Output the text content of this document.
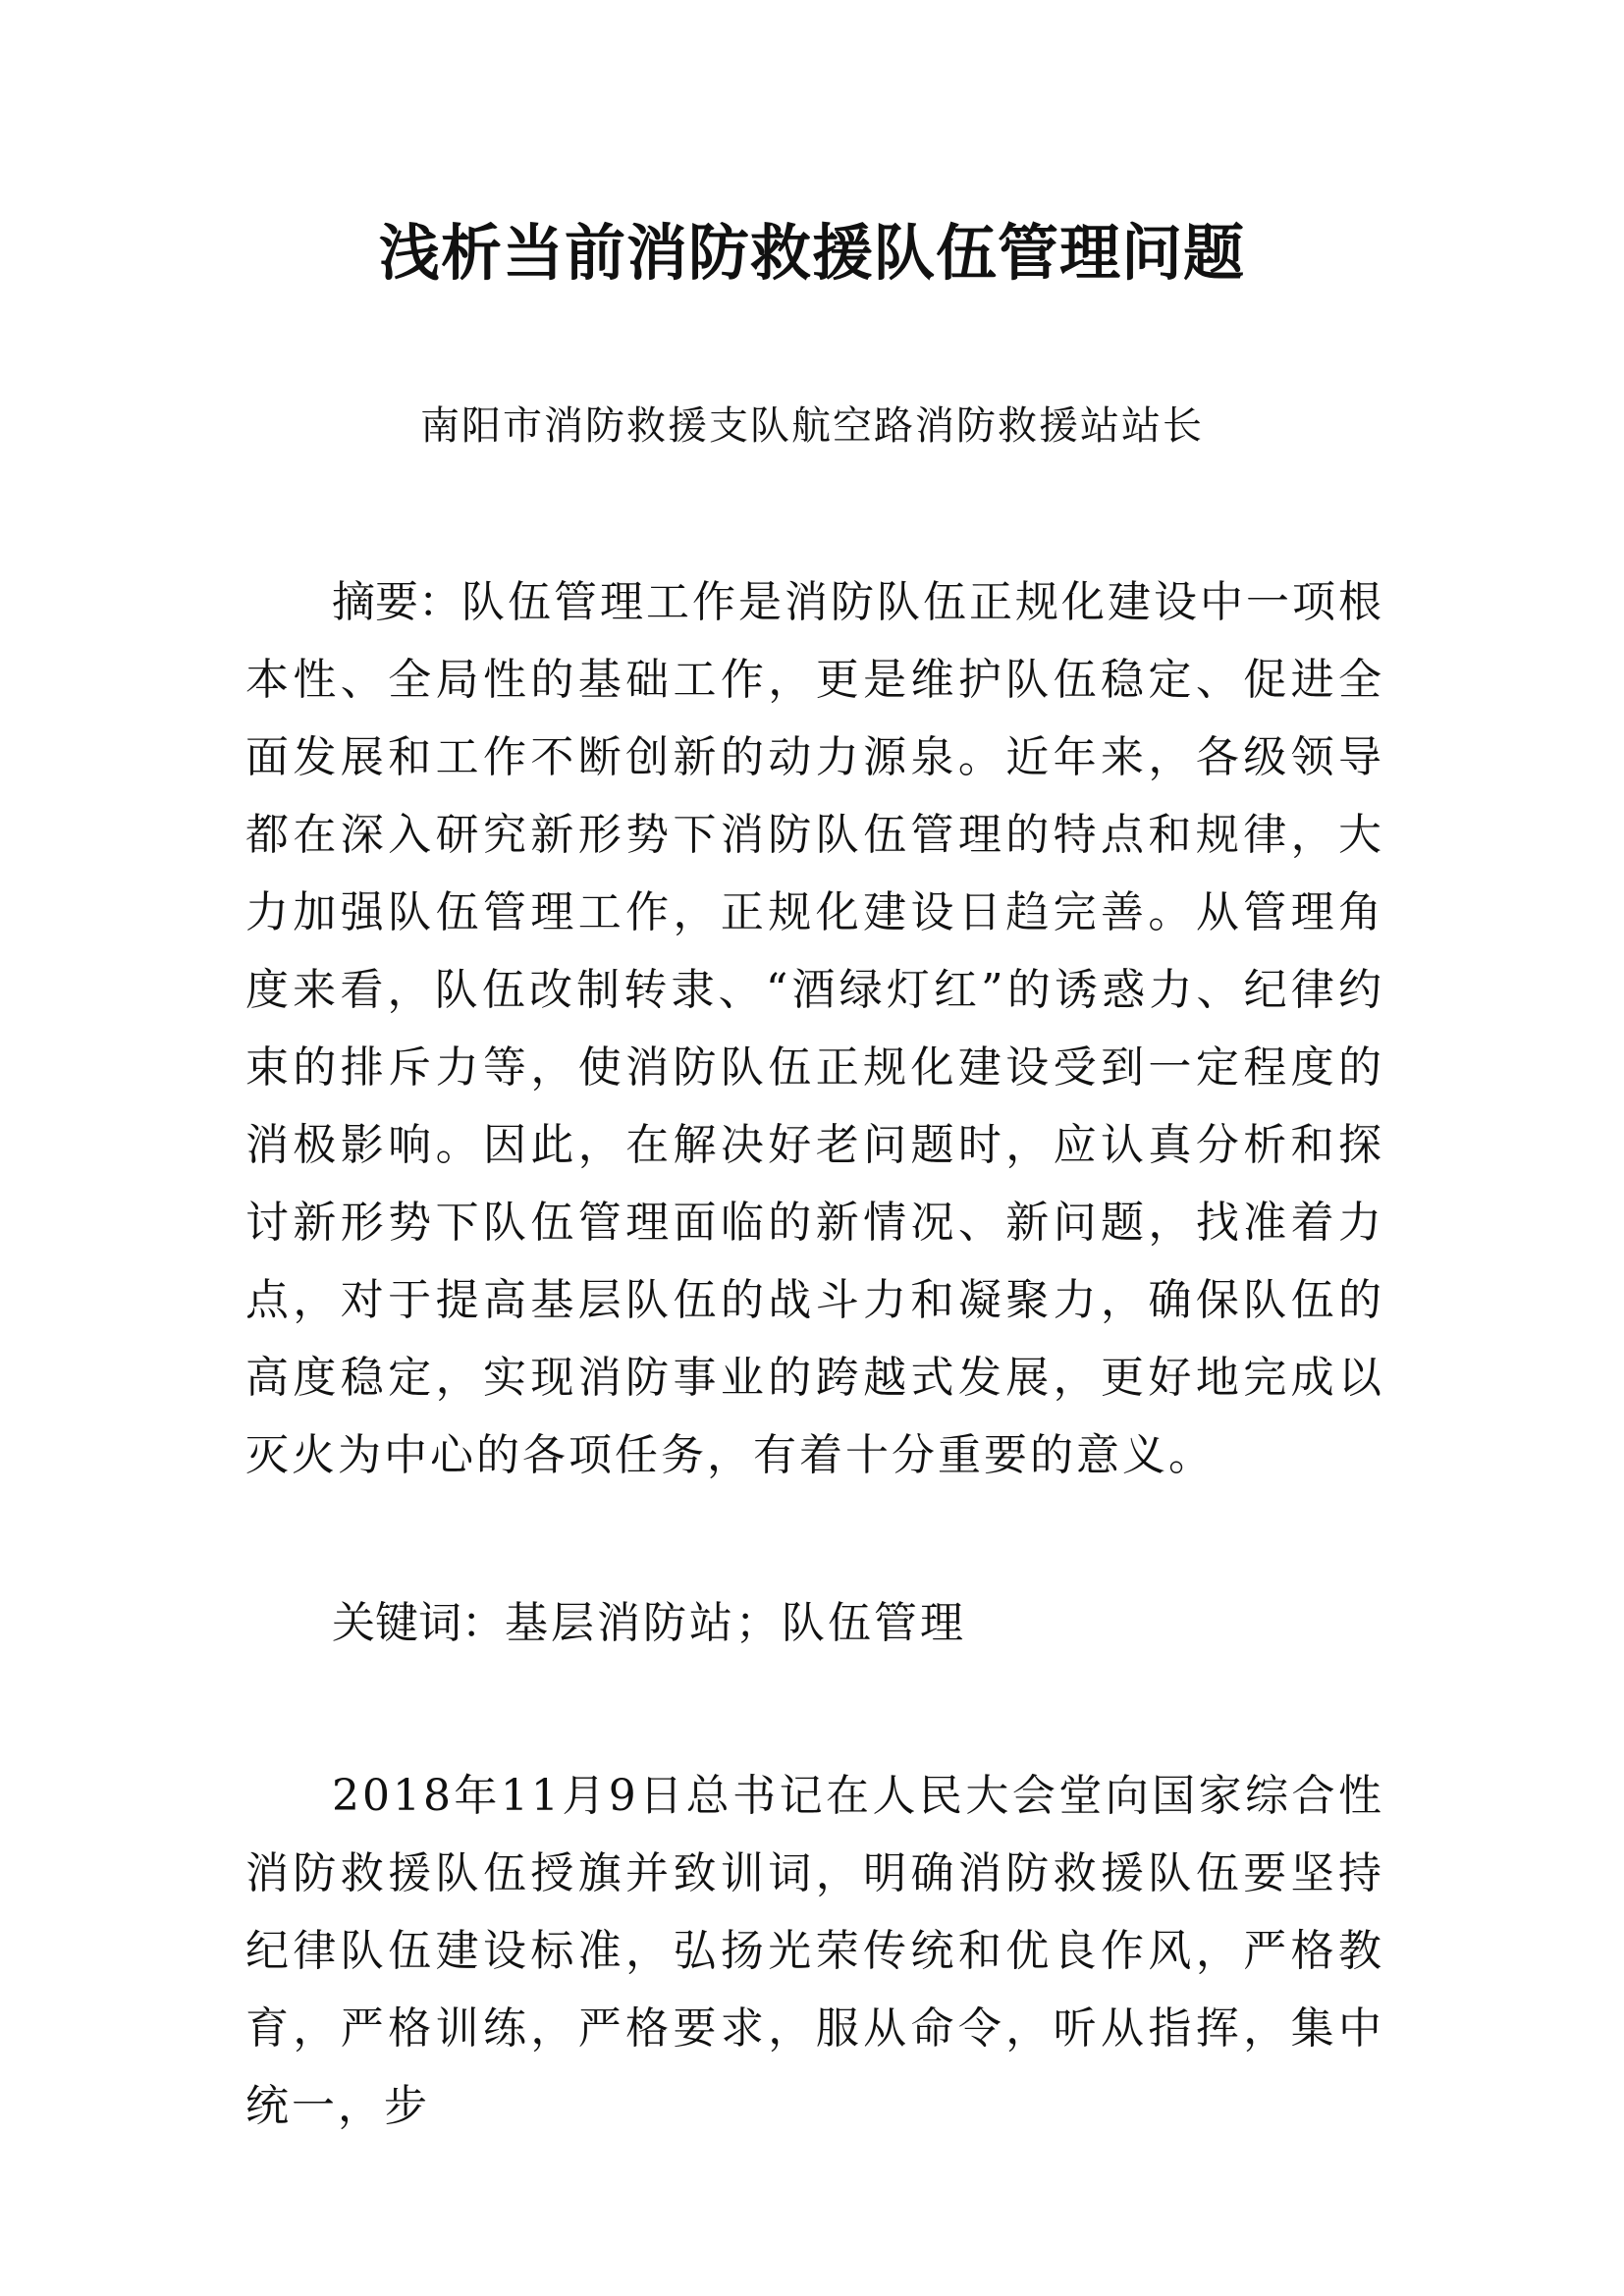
浅析当前消防救援队伍管理问题
南阳市消防救援支队航空路消防救援站站长
摘要：队伍管理工作是消防队伍正规化建设中一项根本性、全局性的基础工作，更是维护队伍稳定、促进全面发展和工作不断创新的动力源泉。近年来，各级领导都在深入研究新形势下消防队伍管理的特点和规律，大力加强队伍管理工作，正规化建设日趋完善。从管理角度来看，队伍改制转隶、“酒绿灯红”的诱惑力、纪律约束的排斥力等，使消防队伍正规化建设受到一定程度的消极影响。因此，在解决好老问题时，应认真分析和探讨新形势下队伍管理面临的新情况、新问题，找准着力点，对于提高基层队伍的战斗力和凝聚力，确保队伍的高度稳定，实现消防事业的跨越式发展，更好地完成以灭火为中心的各项任务，有着十分重要的意义。
关键词：基层消防站；队伍管理

2018年11月9日总书记在人民大会堂向国家综合性消防救援队伍授旗并致训词，明确消防救援队伍要坚持纪律队伍建设标准，弘扬光荣传统和优良作风，严格教育，严格训练，严格要求，服从命令，听从指挥，集中统一，步
